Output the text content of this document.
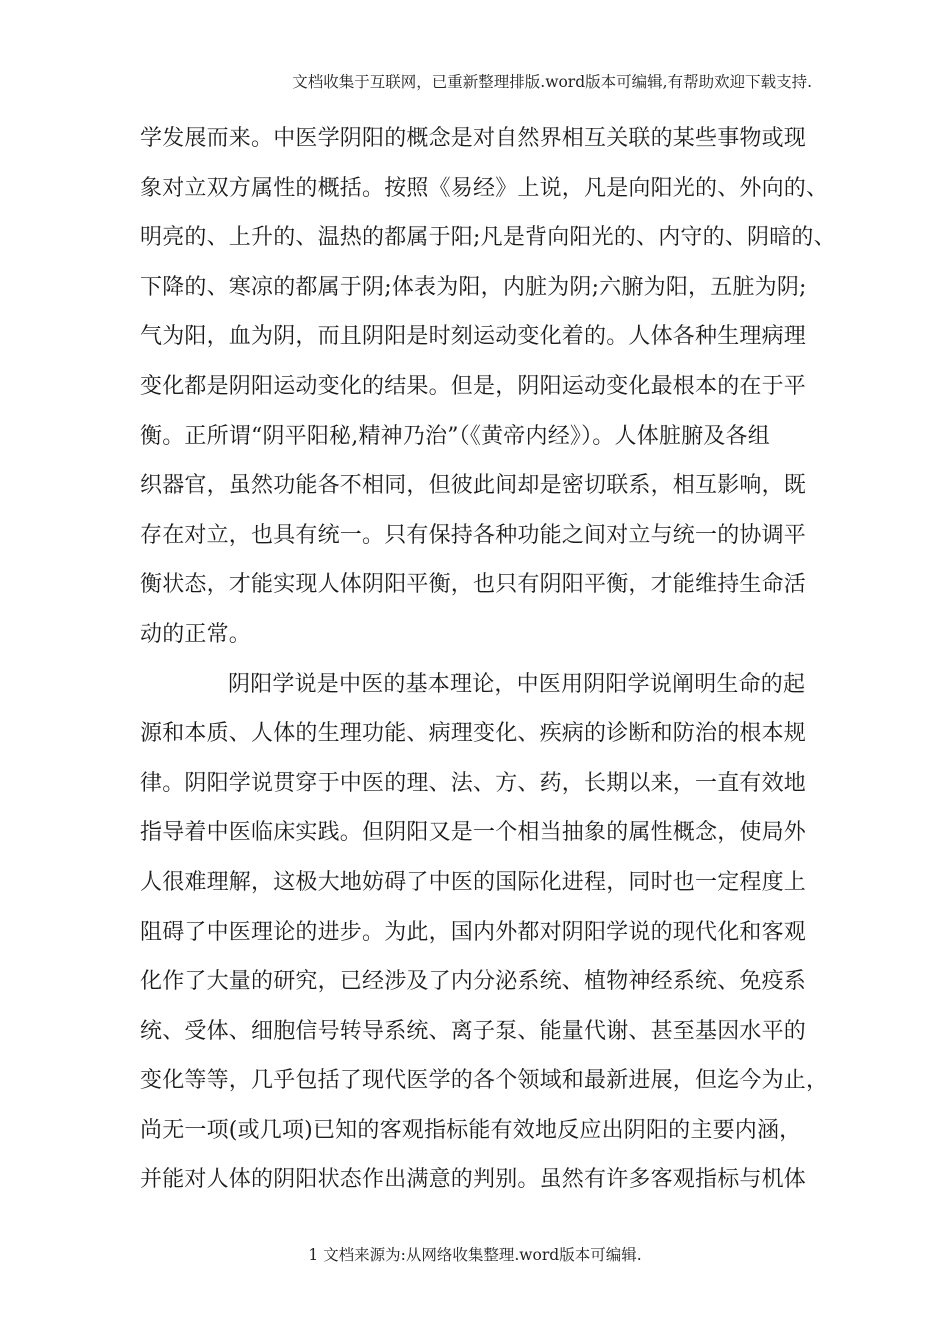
文档收集于互联网，已重新整理排版.word版本可编辑,有帮助欢迎下载支持.
学发展而来。中医学阴阳的概念是对自然界相互关联的某些事物或现
象对立双方属性的概括。按照《易经》上说，凡是向阳光的、外向的、
明亮的、上升的、温热的都属于阳;凡是背向阳光的、内守的、阴暗的、
下降的、寒凉的都属于阴;体表为阳，内脏为阴;六腑为阳，五脏为阴;
气为阳，血为阴，而且阴阳是时刻运动变化着的。人体各种生理病理
变化都是阴阳运动变化的结果。但是，阴阳运动变化最根本的在于平
衡。正所谓“阴平阳秘,精神乃治”（《黄帝内经》）。人体脏腑及各组
织器官，虽然功能各不相同，但彼此间却是密切联系，相互影响，既
存在对立，也具有统一。只有保持各种功能之间对立与统一的协调平
衡状态，才能实现人体阴阳平衡，也只有阴阳平衡，才能维持生命活
动的正常。
阴阳学说是中医的基本理论，中医用阴阳学说阐明生命的起
源和本质、人体的生理功能、病理变化、疾病的诊断和防治的根本规
律。阴阳学说贯穿于中医的理、法、方、药，长期以来，一直有效地
指导着中医临床实践。但阴阳又是一个相当抽象的属性概念，使局外
人很难理解，这极大地妨碍了中医的国际化进程，同时也一定程度上
阻碍了中医理论的进步。为此，国内外都对阴阳学说的现代化和客观
化作了大量的研究，已经涉及了内分泌系统、植物神经系统、免疫系
统、受体、细胞信号转导系统、离子泵、能量代谢、甚至基因水平的
变化等等，几乎包括了现代医学的各个领域和最新进展，但迄今为止，
尚无一项(或几项)已知的客观指标能有效地反应出阴阳的主要内涵，
并能对人体的阴阳状态作出满意的判别。虽然有许多客观指标与机体
1 文档来源为:从网络收集整理.word版本可编辑.
